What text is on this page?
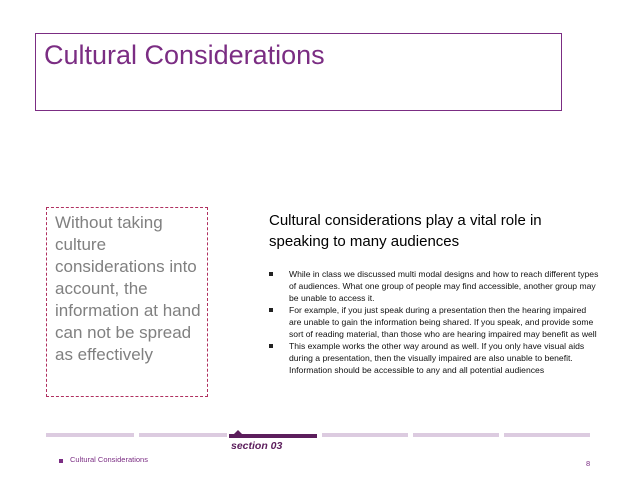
Cultural Considerations
Without taking culture considerations into account, the information at hand can not be spread as effectively
Cultural considerations play a vital role in speaking to many audiences
While in class we discussed multi modal designs and how to reach different types of audiences. What one group of people may find accessible, another group may be unable to access it.
For example, if you just speak during a presentation then the hearing impaired are unable to gain the information being shared. If you speak, and provide some sort of reading material, than those who are hearing impaired may benefit as well
This example works the other way around as well. If you only have visual aids during a presentation, then the visually impaired are also unable to benefit. Information should be accessible to any and all potential audiences
section 03
Cultural Considerations	8
